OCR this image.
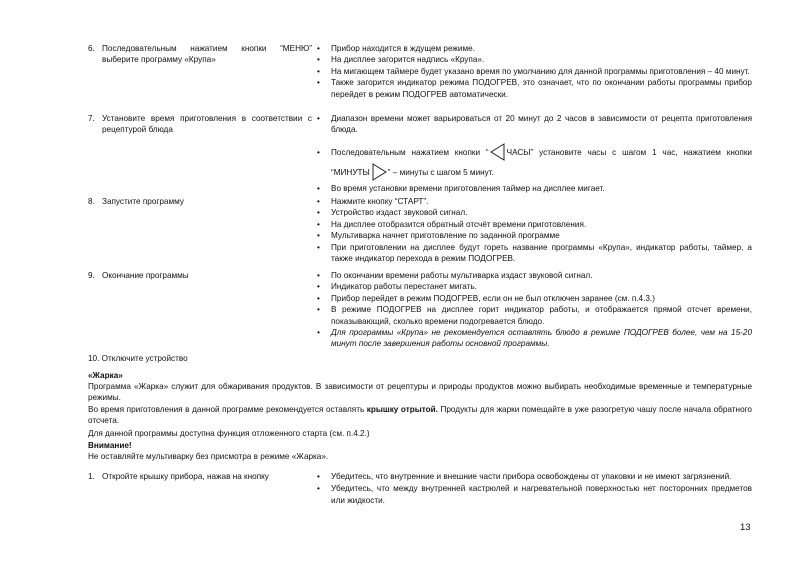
6. Последовательным нажатием кнопки “МЕНЮ” выберите программу «Крупа»
• Прибор находится в ждущем режиме.
• На дисплее загорится надпись «Крупа».
• На мигающем таймере будет указано время по умолчанию для данной программы приготовления – 40 минут.
• Также загорится индикатор режима ПОДОГРЕВ, это означает, что по окончании работы программы прибор перейдет в режим ПОДОГРЕВ автоматически.
7. Установите время приготовления в соответствии с рецептурой блюда
• Диапазон времени может варьироваться от 20 минут до 2 часов в зависимости от рецепта приготовления блюда.
• Последовательным нажатием кнопки “ ЧАСЫ” установите часы с шагом 1 час, нажатием кнопки “МИНУТЫ ” – минуты с шагом 5 минут.
• Во время установки времени приготовления таймер на дисплее мигает.
8. Запустите программу	• Нажмите кнопку “СТАРТ”.
• Устройство издаст звуковой сигнал.
• На дисплее отобразится обратный отсчёт времени приготовления.
• Мультиварка начнет приготовление по заданной программе
• При приготовлении на дисплее будут гореть название программы «Крупа», индикатор работы, таймер, а также индикатор перехода в режим ПОДОГРЕВ.
9. Окончание программы	• По окончании времени работы мультиварка издаст звуковой сигнал.
• Индикатор работы перестанет мигать.
• Прибор перейдет в режим ПОДОГРЕВ, если он не был отключен заранее (см. п.4.3.)
• В режиме ПОДОГРЕВ на дисплее горит индикатор работы, и отображается прямой отсчет времени, показывающий, сколько времени подогревается блюдо.
• Для программы «Крупа» не рекомендуется оставлять блюдо в режиме ПОДОГРЕВ более, чем на 15-20 минут после завершения работы основной программы.
10. Отключите устройство
«Жарка»
Программа «Жарка» служит для обжаривания продуктов. В зависимости от рецептуры и природы продуктов можно выбирать необходимые временные и температурные режимы.
Во время приготовления в данной программе рекомендуется оставлять крышку отрытой. Продукты для жарки помещайте в уже разогретую чашу после начала обратного отсчета.
Для данной программы доступна функция отложенного старта (см. п.4.2.)
Внимание!
Не оставляйте мультиварку без присмотра в режиме «Жарка».
1. Откройте крышку прибора, нажав на кнопку	• Убедитесь, что внутренние и внешние части прибора освобождены от упаковки и не имеют загрязнений.
• Убедитесь, что между внутренней кастрюлей и нагревательной поверхностью нет посторонних предметов или жидкости.
13
